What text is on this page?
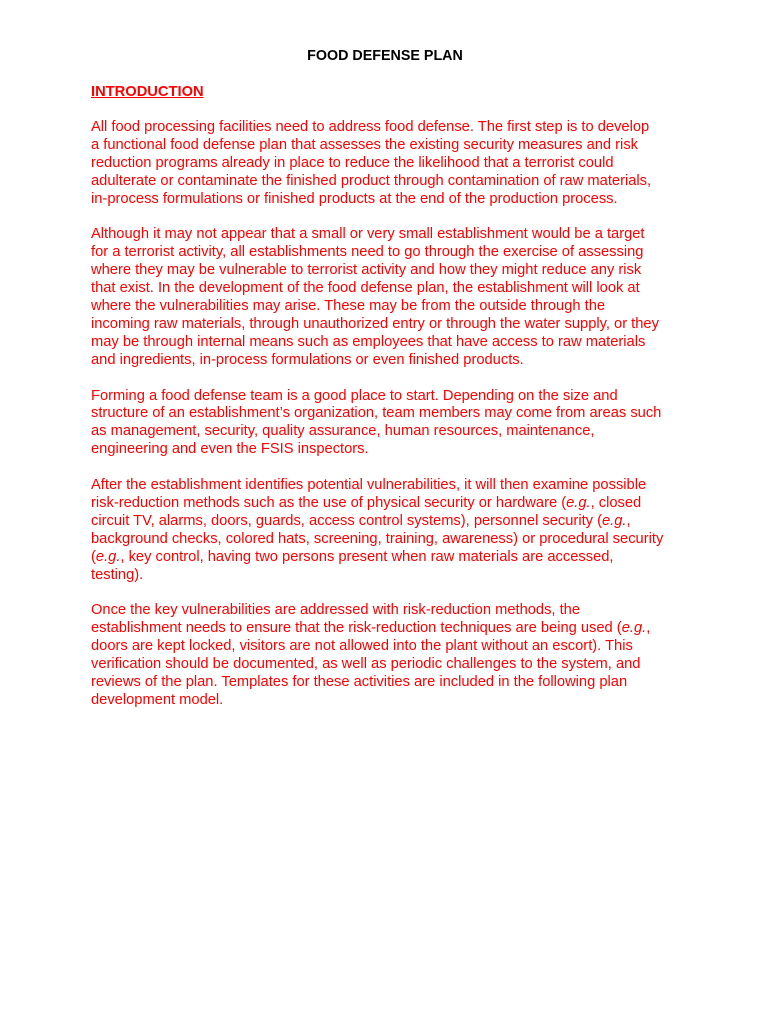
FOOD DEFENSE PLAN
INTRODUCTION

All food processing facilities need to address food defense. The first step is to develop
a functional food defense plan that assesses the existing security measures and risk
reduction programs already in place to reduce the likelihood that a terrorist could
adulterate or contaminate the finished product through contamination of raw materials,
in-process formulations or finished products at the end of the production process.

Although it may not appear that a small or very small establishment would be a target
for a terrorist activity, all establishments need to go through the exercise of assessing
where they may be vulnerable to terrorist activity and how they might reduce any risk
that exist. In the development of the food defense plan, the establishment will look at
where the vulnerabilities may arise. These may be from the outside through the
incoming raw materials, through unauthorized entry or through the water supply, or they
may be through internal means such as employees that have access to raw materials
and ingredients, in-process formulations or even finished products.

Forming a food defense team is a good place to start. Depending on the size and
structure of an establishment’s organization, team members may come from areas such
as management, security, quality assurance, human resources, maintenance,
engineering and even the FSIS inspectors.

After the establishment identifies potential vulnerabilities, it will then examine possible
risk-reduction methods such as the use of physical security or hardware (e.g., closed
circuit TV, alarms, doors, guards, access control systems), personnel security (e.g.,
background checks, colored hats, screening, training, awareness) or procedural security
(e.g., key control, having two persons present when raw materials are accessed,
testing).

Once the key vulnerabilities are addressed with risk-reduction methods, the
establishment needs to ensure that the risk-reduction techniques are being used (e.g.,
doors are kept locked, visitors are not allowed into the plant without an escort). This
verification should be documented, as well as periodic challenges to the system, and
reviews of the plan. Templates for these activities are included in the following plan
development model.
